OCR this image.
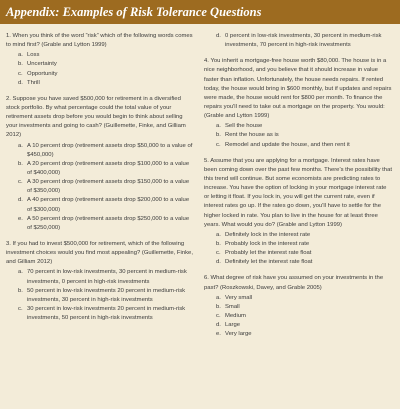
Appendix: Examples of Risk Tolerance Questions

1. When you think of the word “risk” which of the following words comes to mind first? (Grable and Lytton 1999)

a. Loss
b. Uncertainty
c. Opportunity
d. Thrill

2. Suppose you have saved $500,000 for retirement in a diversified stock portfolio. By what percentage could the total value of your retirement assets drop before you would begin to think about selling your investments and going to cash? (Guillemette, Finke, and Gilliam 2012)

a. A 10 percent drop (retirement assets drop $50,000 to a value of $450,000)
b. A 20 percent drop (retirement assets drop $100,000 to a value of $400,000)
c. A 30 percent drop (retirement assets drop $150,000 to a value of $350,000)
d. A 40 percent drop (retirement assets drop $200,000 to a value of $300,000)
e. A 50 percent drop (retirement assets drop $250,000 to a value of $250,000)

3. If you had to invest $500,000 for retirement, which of the following investment choices would you find most appealing? (Guillemette, Finke, and Gilliam 2012)

a. 70 percent in low-risk investments, 30 percent in medium-risk investments, 0 percent in high-risk investments
b. 50 percent in low-risk investments 20 percent in medium-risk investments, 30 percent in high-risk investments
c. 30 percent in low-risk investments 20 percent in medium-risk investments, 50 percent in high-risk investments
d. 0 percent in low-risk investments, 30 percent in medium-risk investments, 70 percent in high-risk investments

4. You inherit a mortgage-free house worth $80,000. The house is in a nice neighborhood, and you believe that it should increase in value faster than inflation. Unfortunately, the house needs repairs. If rented today, the house would bring in $600 monthly, but if updates and repairs were made, the house would rent for $800 per month. To finance the repairs you'll need to take out a mortgage on the property. You would: (Grable and Lytton 1999)

a. Sell the house
b. Rent the house as is
c. Remodel and update the house, and then rent it

5. Assume that you are applying for a mortgage. Interest rates have been coming down over the past few months. There's the possibility that this trend will continue. But some economists are predicting rates to increase. You have the option of locking in your mortgage interest rate or letting it float. If you lock in, you will get the current rate, even if interest rates go up. If the rates go down, you'll have to settle for the higher locked in rate. You plan to live in the house for at least three years. What would you do? (Grable and Lytton 1999)

a. Definitely lock in the interest rate
b. Probably lock in the interest rate
c. Probably let the interest rate float
d. Definitely let the interest rate float

6. What degree of risk have you assumed on your investments in the past? (Roszkowski, Davey, and Grable 2005)

a. Very small
b. Small
c. Medium
d. Large
e. Very large
